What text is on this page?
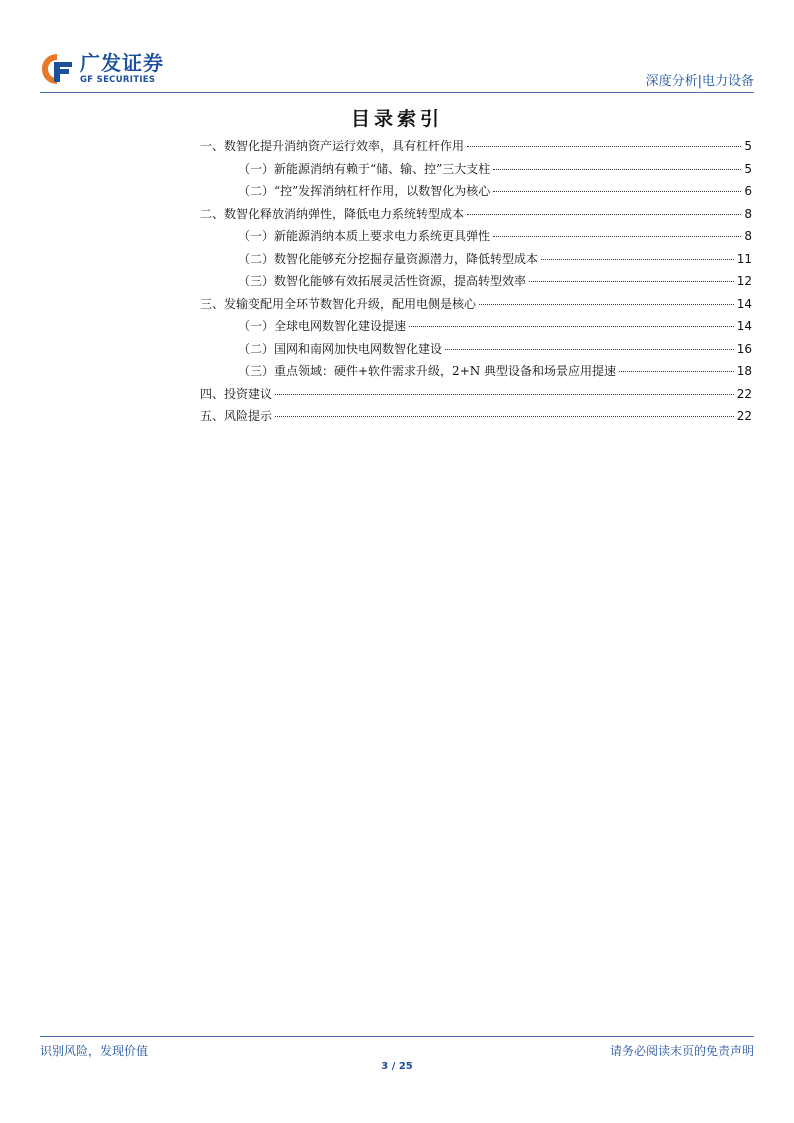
广发证券
GF SECURITIES	深度分析|电力设备
目录索引
一、数智化提升消纳资产运行效率，具有杠杆作用	5
（一）新能源消纳有赖于“储、输、控”三大支柱	5
（二）“控”发挥消纳杠杆作用，以数智化为核心	6
二、数智化释放消纳弹性，降低电力系统转型成本	8
（一）新能源消纳本质上要求电力系统更具弹性	8
（二）数智化能够充分挖掘存量资源潜力，降低转型成本	11
（三）数智化能够有效拓展灵活性资源，提高转型效率	12
三、发输变配用全环节数智化升级，配用电侧是核心	14
（一）全球电网数智化建设提速	14
（二）国网和南网加快电网数智化建设	16
（三）重点领域：硬件+软件需求升级，2+N 典型设备和场景应用提速	18
四、投资建议	22
五、风险提示	22
识别风险，发现价值	请务必阅读末页的免责声明
3 / 25
